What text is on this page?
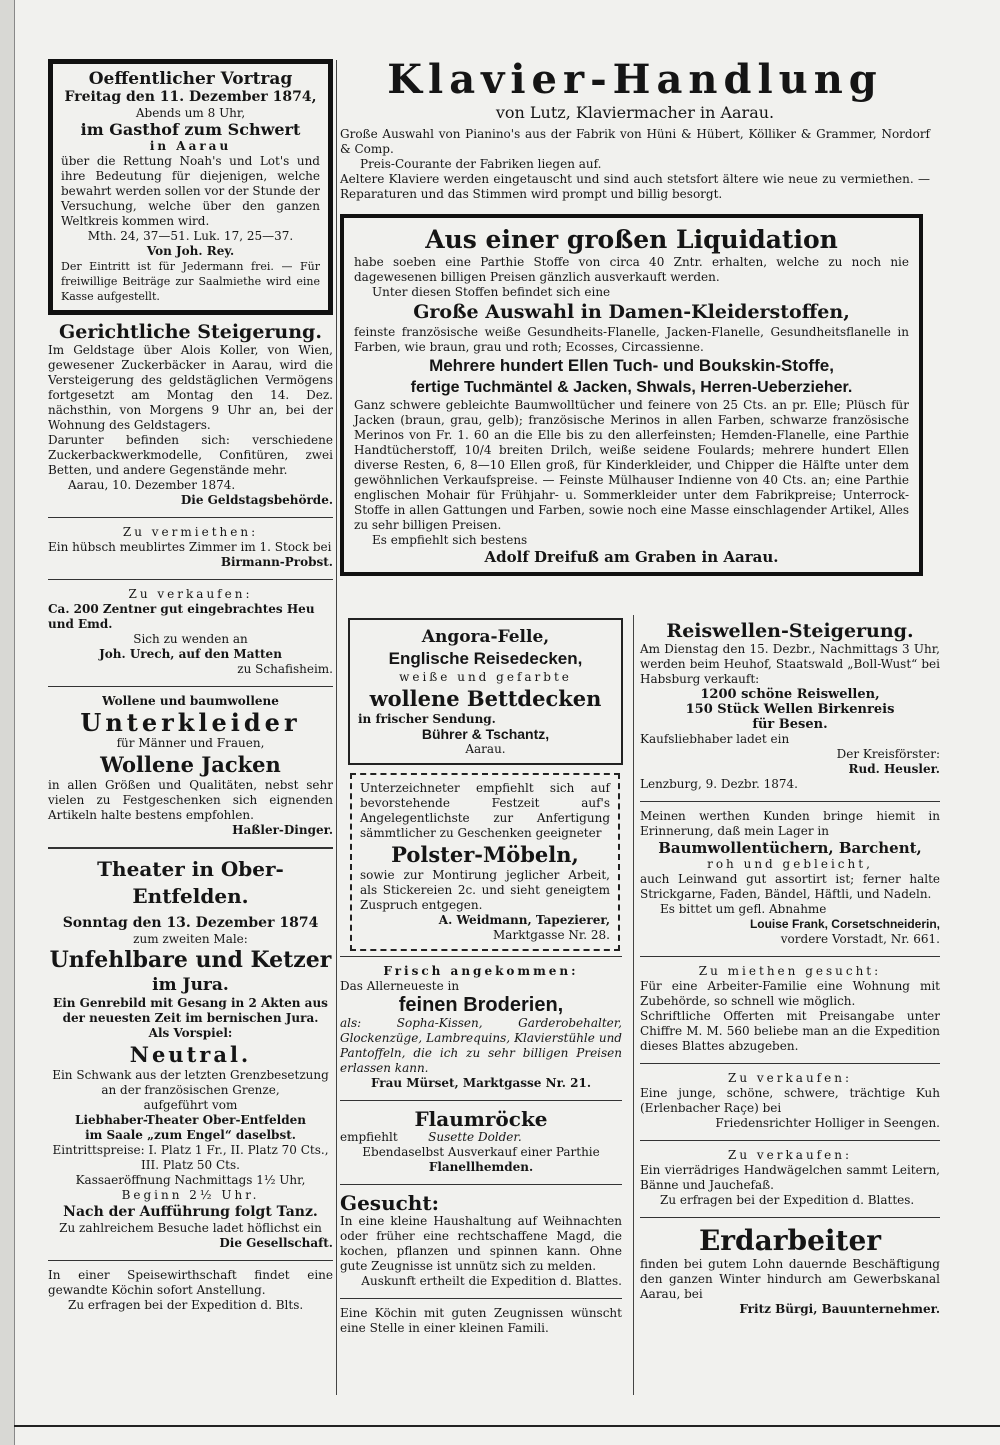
Klavier-Handlung

von Lutz, Klaviermacher in Aarau.

Große Auswahl von Pianino's aus der Fabrik von Hüni & Hübert, Kölliker & Grammer, Nordorf & Comp.

Preis-Courante der Fabriken liegen auf.

Aeltere Klaviere werden eingetauscht und sind auch stetsfort ältere wie neue zu vermiethen. — Reparaturen und das Stimmen wird prompt und billig besorgt.

Aus einer großen Liquidation

habe soeben eine Parthie Stoffe von circa 40 Zntr. erhalten, welche zu noch nie dagewesenen billigen Preisen gänzlich ausverkauft werden.

Unter diesen Stoffen befindet sich eine

Große Auswahl in Damen-Kleiderstoffen,

feinste französische weiße Gesundheits-Flanelle, Jacken-Flanelle, Gesundheitsflanelle in Farben, wie braun, grau und roth; Ecosses, Circassienne.

Mehrere hundert Ellen Tuch- und Boukskin-Stoffe,

fertige Tuchmäntel & Jacken, Shwals, Herren-Ueberzieher.

Ganz schwere gebleichte Baumwolltücher und feinere von 25 Cts. an pr. Elle; Plüsch für Jacken (braun, grau, gelb); französische Merinos in allen Farben, schwarze französische Merinos von Fr. 1. 60 an die Elle bis zu den allerfeinsten; Hemden-Flanelle, eine Parthie Handtücherstoff, 10/4 breiten Drilch, weiße seidene Foulards; mehrere hundert Ellen diverse Resten, 6, 8—10 Ellen groß, für Kinderkleider, und Chipper die Hälfte unter dem gewöhnlichen Verkaufspreise. — Feinste Mülhauser Indienne von 40 Cts. an; eine Parthie englischen Mohair für Frühjahr- u. Sommerkleider unter dem Fabrikpreise; Unterrock-Stoffe in allen Gattungen und Farben, sowie noch eine Masse einschlagender Artikel, Alles zu sehr billigen Preisen.

Es empfiehlt sich bestens

Adolf Dreifuß am Graben in Aarau.

Oeffentlicher Vortrag

Freitag den 11. Dezember 1874,

Abends um 8 Uhr,

im Gasthof zum Schwert

in Aarau

über die Rettung Noah's und Lot's und ihre Bedeutung für diejenigen, welche bewahrt werden sollen vor der Stunde der Versuchung, welche über den ganzen Weltkreis kommen wird.

Mth. 24, 37—51. Luk. 17, 25—37.

Von Joh. Rey.

Der Eintritt ist für Jedermann frei. — Für freiwillige Beiträge zur Saalmiethe wird eine Kasse aufgestellt.

Gerichtliche Steigerung.

Im Geldstage über Alois Koller, von Wien, gewesener Zuckerbäcker in Aarau, wird die Versteigerung des geldstäglichen Vermögens fortgesetzt am Montag den 14. Dez. nächsthin, von Morgens 9 Uhr an, bei der Wohnung des Geldstagers.

Darunter befinden sich: verschiedene Zuckerbackwerkmodelle, Confitüren, zwei Betten, und andere Gegenstände mehr.

Aarau, 10. Dezember 1874.

Die Geldstagsbehörde.

Zu vermiethen:

Ein hübsch meublirtes Zimmer im 1. Stock bei

Birmann-Probst.

Zu verkaufen:

Ca. 200 Zentner gut eingebrachtes Heu und Emd.

Sich zu wenden an

Joh. Urech, auf den Matten

zu Schafisheim.

Wollene und baumwollene

Unterkleider

für Männer und Frauen,

Wollene Jacken

in allen Größen und Qualitäten, nebst sehr vielen zu Festgeschenken sich eignenden Artikeln halte bestens empfohlen.

Haßler-Dinger.

Theater in Ober-Entfelden.

Sonntag den 13. Dezember 1874

zum zweiten Male:

Unfehlbare und Ketzer

im Jura.

Ein Genrebild mit Gesang in 2 Akten aus der neuesten Zeit im bernischen Jura.

Als Vorspiel:

Neutral.

Ein Schwank aus der letzten Grenzbesetzung an der französischen Grenze,

aufgeführt vom

Liebhaber-Theater Ober-Entfelden

im Saale „zum Engel“ daselbst.

Eintrittspreise: I. Platz 1 Fr., II. Platz 70 Cts., III. Platz 50 Cts.

Kassaeröffnung Nachmittags 1½ Uhr,

Beginn 2½ Uhr.

Nach der Aufführung folgt Tanz.

Zu zahlreichem Besuche ladet höflichst ein

Die Gesellschaft.

In einer Speisewirthschaft findet eine gewandte Köchin sofort Anstellung.

Zu erfragen bei der Expedition d. Blts.

Angora-Felle,

Englische Reisedecken,

weiße und gefarbte

wollene Bettdecken

in frischer Sendung.

Bührer & Tschantz,

Aarau.

Unterzeichneter empfiehlt sich auf bevorstehende Festzeit auf's Angelegentlichste zur Anfertigung sämmtlicher zu Geschenken geeigneter

Polster-Möbeln,

sowie zur Montirung jeglicher Arbeit, als Stickereien 2c. und sieht geneigtem Zuspruch entgegen.

A. Weidmann, Tapezierer,

Marktgasse Nr. 28.

Frisch angekommen:

Das Allerneueste in

feinen Broderien,

als: Sopha-Kissen, Garderobehalter, Glockenzüge, Lambrequins, Klavierstühle und Pantoffeln, die ich zu sehr billigen Preisen erlassen kann.

Frau Mürset, Marktgasse Nr. 21.

Flaumröcke

empfiehlt	Susette Dolder.

Ebendaselbst Ausverkauf einer Parthie

Flanellhemden.

Gesucht:

In eine kleine Haushaltung auf Weihnachten oder früher eine rechtschaffene Magd, die kochen, pflanzen und spinnen kann. Ohne gute Zeugnisse ist unnütz sich zu melden.

Auskunft ertheilt die Expedition d. Blattes.

Eine Köchin mit guten Zeugnissen wünscht eine Stelle in einer kleinen Famili.

Reiswellen-Steigerung.

Am Dienstag den 15. Dezbr., Nachmittags 3 Uhr, werden beim Heuhof, Staatswald „Boll-Wust“ bei Habsburg verkauft:

1200 schöne Reiswellen,

150 Stück Wellen Birkenreis

für Besen.

Kaufsliebhaber ladet ein

Der Kreisförster:

Rud. Heusler.

Lenzburg, 9. Dezbr. 1874.

Meinen werthen Kunden bringe hiemit in Erinnerung, daß mein Lager in

Baumwollentüchern, Barchent,

roh und gebleicht,

auch Leinwand gut assortirt ist; ferner halte Strickgarne, Faden, Bändel, Häftli, und Nadeln.

Es bittet um gefl. Abnahme

Louise Frank, Corsetschneiderin,

vordere Vorstadt, Nr. 661.

Zu miethen gesucht:

Für eine Arbeiter-Familie eine Wohnung mit Zubehörde, so schnell wie möglich.

Schriftliche Offerten mit Preisangabe unter Chiffre M. M. 560 beliebe man an die Expedition dieses Blattes abzugeben.

Zu verkaufen:

Eine junge, schöne, schwere, trächtige Kuh (Erlenbacher Raçe) bei

Friedensrichter Holliger in Seengen.

Zu verkaufen:

Ein vierrädriges Handwägelchen sammt Leitern, Bänne und Jauchefaß.

Zu erfragen bei der Expedition d. Blattes.

Erdarbeiter

finden bei gutem Lohn dauernde Beschäftigung den ganzen Winter hindurch am Gewerbskanal Aarau, bei

Fritz Bürgi, Bauunternehmer.
